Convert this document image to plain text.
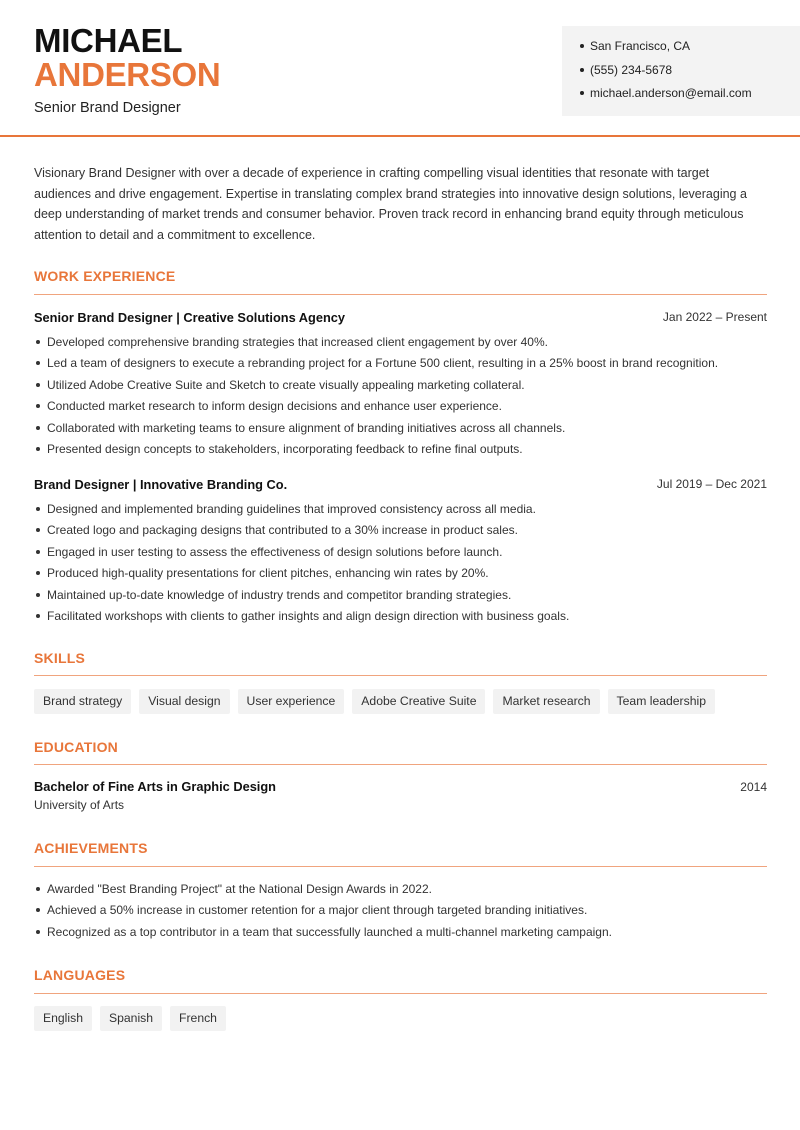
MICHAEL
ANDERSON
Senior Brand Designer
San Francisco, CA
(555) 234-5678
michael.anderson@email.com

Visionary Brand Designer with over a decade of experience in crafting compelling visual identities that resonate with target audiences and drive engagement. Expertise in translating complex brand strategies into innovative design solutions, leveraging a deep understanding of market trends and consumer behavior. Proven track record in enhancing brand equity through meticulous attention to detail and a commitment to excellence.

WORK EXPERIENCE
Senior Brand Designer | Creative Solutions Agency	Jan 2022 – Present
Developed comprehensive branding strategies that increased client engagement by over 40%.
Led a team of designers to execute a rebranding project for a Fortune 500 client, resulting in a 25% boost in brand recognition.
Utilized Adobe Creative Suite and Sketch to create visually appealing marketing collateral.
Conducted market research to inform design decisions and enhance user experience.
Collaborated with marketing teams to ensure alignment of branding initiatives across all channels.
Presented design concepts to stakeholders, incorporating feedback to refine final outputs.
Brand Designer | Innovative Branding Co.	Jul 2019 – Dec 2021
Designed and implemented branding guidelines that improved consistency across all media.
Created logo and packaging designs that contributed to a 30% increase in product sales.
Engaged in user testing to assess the effectiveness of design solutions before launch.
Produced high-quality presentations for client pitches, enhancing win rates by 20%.
Maintained up-to-date knowledge of industry trends and competitor branding strategies.
Facilitated workshops with clients to gather insights and align design direction with business goals.
SKILLS
Brand strategy	Visual design	User experience	Adobe Creative Suite	Market research	Team leadership
EDUCATION
Bachelor of Fine Arts in Graphic Design	2014
University of Arts
ACHIEVEMENTS
Awarded "Best Branding Project" at the National Design Awards in 2022.
Achieved a 50% increase in customer retention for a major client through targeted branding initiatives.
Recognized as a top contributor in a team that successfully launched a multi-channel marketing campaign.
LANGUAGES
English	Spanish	French
